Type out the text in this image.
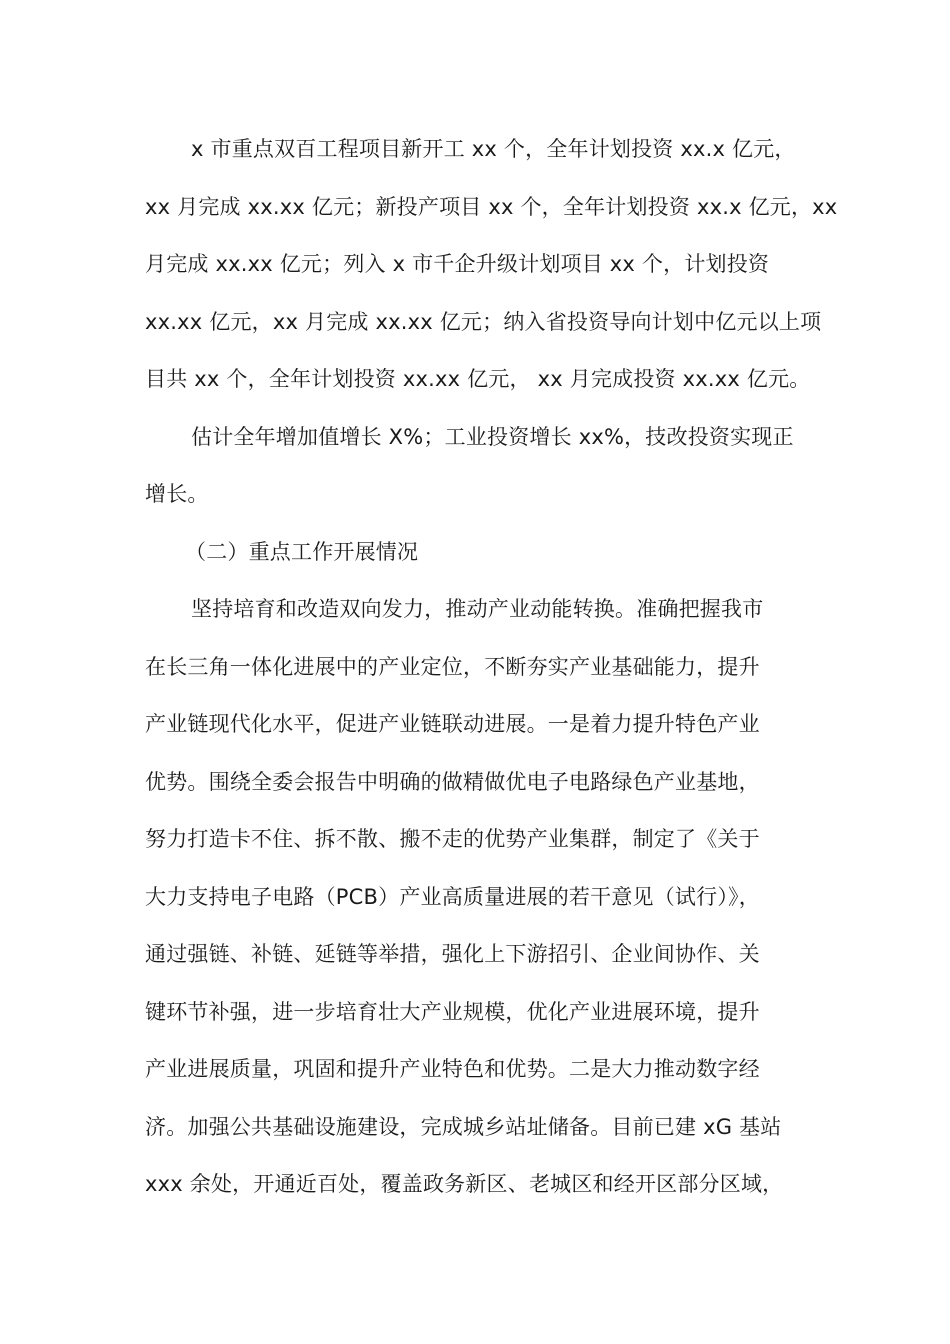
x 市重点双百工程项目新开工 xx 个，全年计划投资 xx.x 亿元，
xx 月完成 xx.xx 亿元；新投产项目 xx 个，全年计划投资 xx.x 亿元，xx
月完成 xx.xx 亿元；列入 x 市千企升级计划项目 xx 个，计划投资
xx.xx 亿元，xx 月完成 xx.xx 亿元；纳入省投资导向计划中亿元以上项
目共 xx 个，全年计划投资 xx.xx 亿元， xx 月完成投资 xx.xx 亿元。
估计全年增加值增长 X%；工业投资增长 xx%，技改投资实现正
增长。
（二）重点工作开展情况
坚持培育和改造双向发力，推动产业动能转换。准确把握我市
在长三角一体化进展中的产业定位，不断夯实产业基础能力，提升
产业链现代化水平，促进产业链联动进展。一是着力提升特色产业
优势。围绕全委会报告中明确的做精做优电子电路绿色产业基地，
努力打造卡不住、拆不散、搬不走的优势产业集群，制定了《关于
大力支持电子电路（PCB）产业高质量进展的若干意见（试行）》，
通过强链、补链、延链等举措，强化上下游招引、企业间协作、关
键环节补强，进一步培育壮大产业规模，优化产业进展环境，提升
产业进展质量，巩固和提升产业特色和优势。二是大力推动数字经
济。加强公共基础设施建设，完成城乡站址储备。目前已建 xG 基站
xxx 余处，开通近百处，覆盖政务新区、老城区和经开区部分区域，
